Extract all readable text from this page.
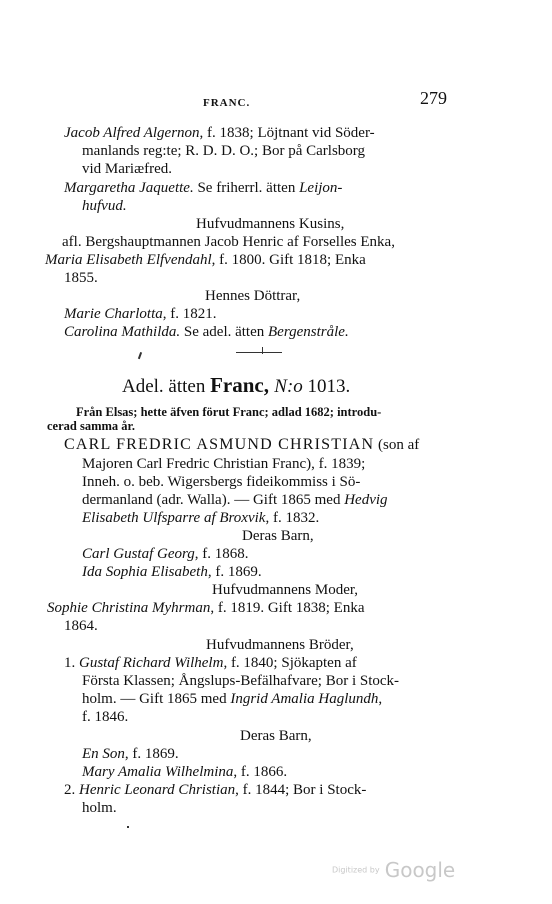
FRANC.	279
Jacob Alfred Algernon, f. 1838; Löjtnant vid Söder-
manlands reg:te; R. D. D. O.; Bor på Carlsborg
vid Mariæfred.
Margaretha Jaquette. Se friherrl. ätten Leijon-
hufvud.
Hufvudmannens Kusins,
afl. Bergshauptmannen Jacob Henric af Forselles Enka,
Maria Elisabeth Elfvendahl, f. 1800. Gift 1818; Enka
1855.
Hennes Döttrar,
Marie Charlotta, f. 1821.
Carolina Mathilda. Se adel. ätten Bergenstråle.
Adel. ätten Franc, N:o 1013.
Från Elsas; hette äfven förut Franc; adlad 1682; introdu-
cerad samma år.
CARL FREDRIC ASMUND CHRISTIAN (son af
Majoren Carl Fredric Christian Franc), f. 1839;
Inneh. o. beb. Wigersbergs fideikommiss i Sö-
dermanland (adr. Walla). — Gift 1865 med Hedvig
Elisabeth Ulfsparre af Broxvik, f. 1832.
Deras Barn,
Carl Gustaf Georg, f. 1868.
Ida Sophia Elisabeth, f. 1869.
Hufvudmannens Moder,
Sophie Christina Myhrman, f. 1819. Gift 1838; Enka
1864.
Hufvudmannens Bröder,
1. Gustaf Richard Wilhelm, f. 1840; Sjökapten af
Första Klassen; Ångslups-Befälhafvare; Bor i Stock-
holm. — Gift 1865 med Ingrid Amalia Haglundh,
f. 1846.
Deras Barn,
En Son, f. 1869.
Mary Amalia Wilhelmina, f. 1866.
2. Henric Leonard Christian, f. 1844; Bor i Stock-
holm.
Digitized by Google
